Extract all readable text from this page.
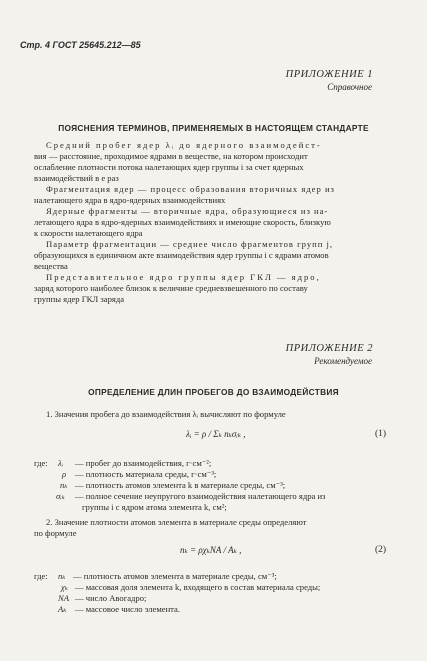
Стр. 4 ГОСТ 25645.212—85
ПРИЛОЖЕНИЕ 1
Справочное
ПОЯСНЕНИЯ ТЕРМИНОВ, ПРИМЕНЯЕМЫХ В НАСТОЯЩЕМ СТАНДАРТЕ
Средний пробег ядер λᵢ до ядерного взаимодейст-
вия — расстояние, проходимое ядрами в веществе, на котором происходит
ослабление плотности потока налетающих ядер группы i за счет ядерных
взаимодействий в e раз
Фрагментация ядер — процесс образования вторичных ядер из
налетающего ядра в ядро-ядерных взаимодействиях
Ядерные фрагменты — вторичные ядра, образующиеся из на-
летающего ядра в ядро-ядерных взаимодействиях и имеющие скорость, близкую
к скорости налетающего ядра
Параметр фрагментации — среднее число фрагментов групп j,
образующихся в единичном акте взаимодействия ядер группы i с ядрами атомов
вещества
Представительное ядро группы ядер ГКЛ — ядро,
заряд которого наиболее близок к величине средневзвешенного по составу
группы ядер ГКЛ заряда
ПРИЛОЖЕНИЕ 2
Рекомендуемое
ОПРЕДЕЛЕНИЕ ДЛИН ПРОБЕГОВ ДО ВЗАИМОДЕЙСТВИЯ
1. Значения пробега до взаимодействия λᵢ вычисляют по формуле
λᵢ = ρ / Σₖ nₖσᵢₖ ,	(1)
где: λᵢ — пробег до взаимодействия, г·см⁻²;
ρ — плотность материала среды, г·см⁻³;
nₖ — плотность атомов элемента k в материале среды, см⁻³;
σᵢₖ — полное сечение неупругого взаимодействия налетающего ядра из
группы i с ядром атома элемента k, см²;
2. Значение плотности атомов элемента в материале среды определяют
по формуле
nₖ = ρχₖNA / Aₖ ,	(2)
где: nₖ — плотность атомов элемента в материале среды, см⁻³;
χₖ — массовая доля элемента k, входящего в состав материала среды;
NA — число Авогадро;
Aₖ — массовое число элемента.
